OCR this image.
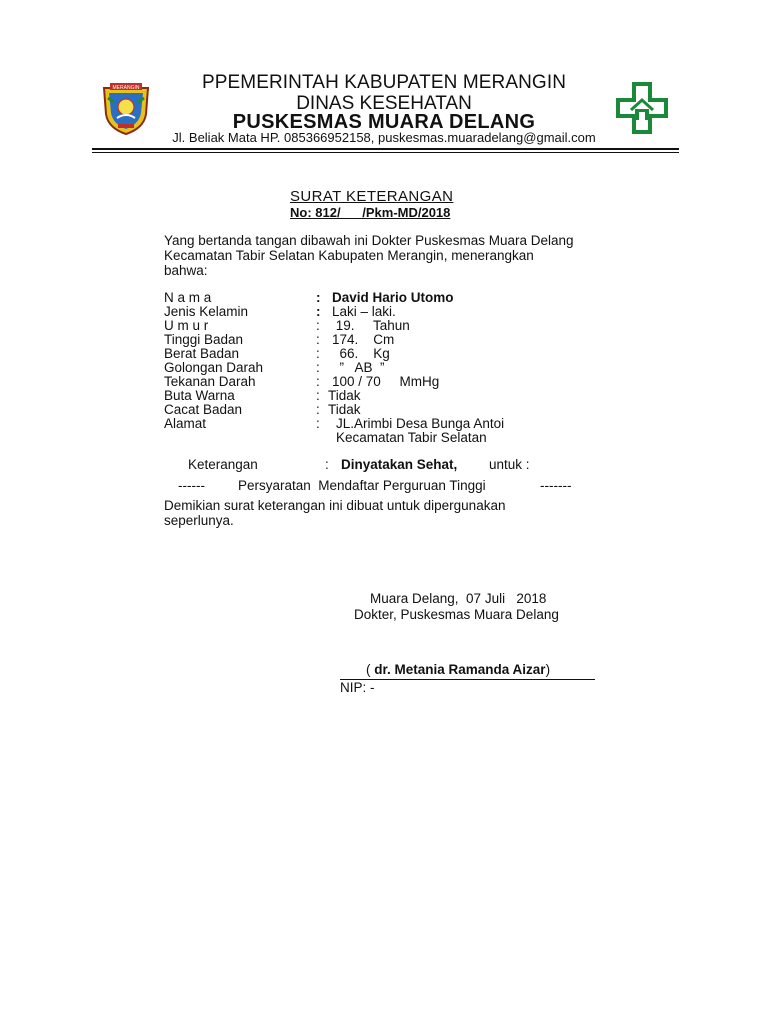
MERANGIN	PPEMERINTAH KABUPATEN MERANGIN
DINAS KESEHATAN
PUSKESMAS MUARA DELANG
Jl. Beliak Mata HP. 085366952158, puskesmas.muaradelang@gmail.com
SURAT KETERANGAN
No: 812/      /Pkm-MD/2018
Yang bertanda tangan dibawah ini Dokter Puskesmas Muara Delang
Kecamatan Tabir Selatan Kabupaten Merangin, menerangkan
bahwa:
N a m a	: David Hario Utomo
Jenis Kelamin	: Laki – laki.
U m u r	: 19.     Tahun
Tinggi Badan	: 174.    Cm
Berat Badan	: 66.    Kg
Golongan Darah	: ”   AB  ”
Tekanan Darah	: 100 / 70     MmHg
Buta Warna	: Tidak
Cacat Badan	: Tidak
Alamat	: JL.Arimbi Desa Bunga Antoi
Kecamatan Tabir Selatan
Keterangan	: Dinyatakan Sehat, untuk :
------ Persyaratan  Mendaftar Perguruan Tinggi	-------
Demikian surat keterangan ini dibuat untuk dipergunakan
seperlunya.
Muara Delang,  07 Juli   2018
Dokter, Puskesmas Muara Delang
( dr. Metania Ramanda Aizar)
NIP: -
